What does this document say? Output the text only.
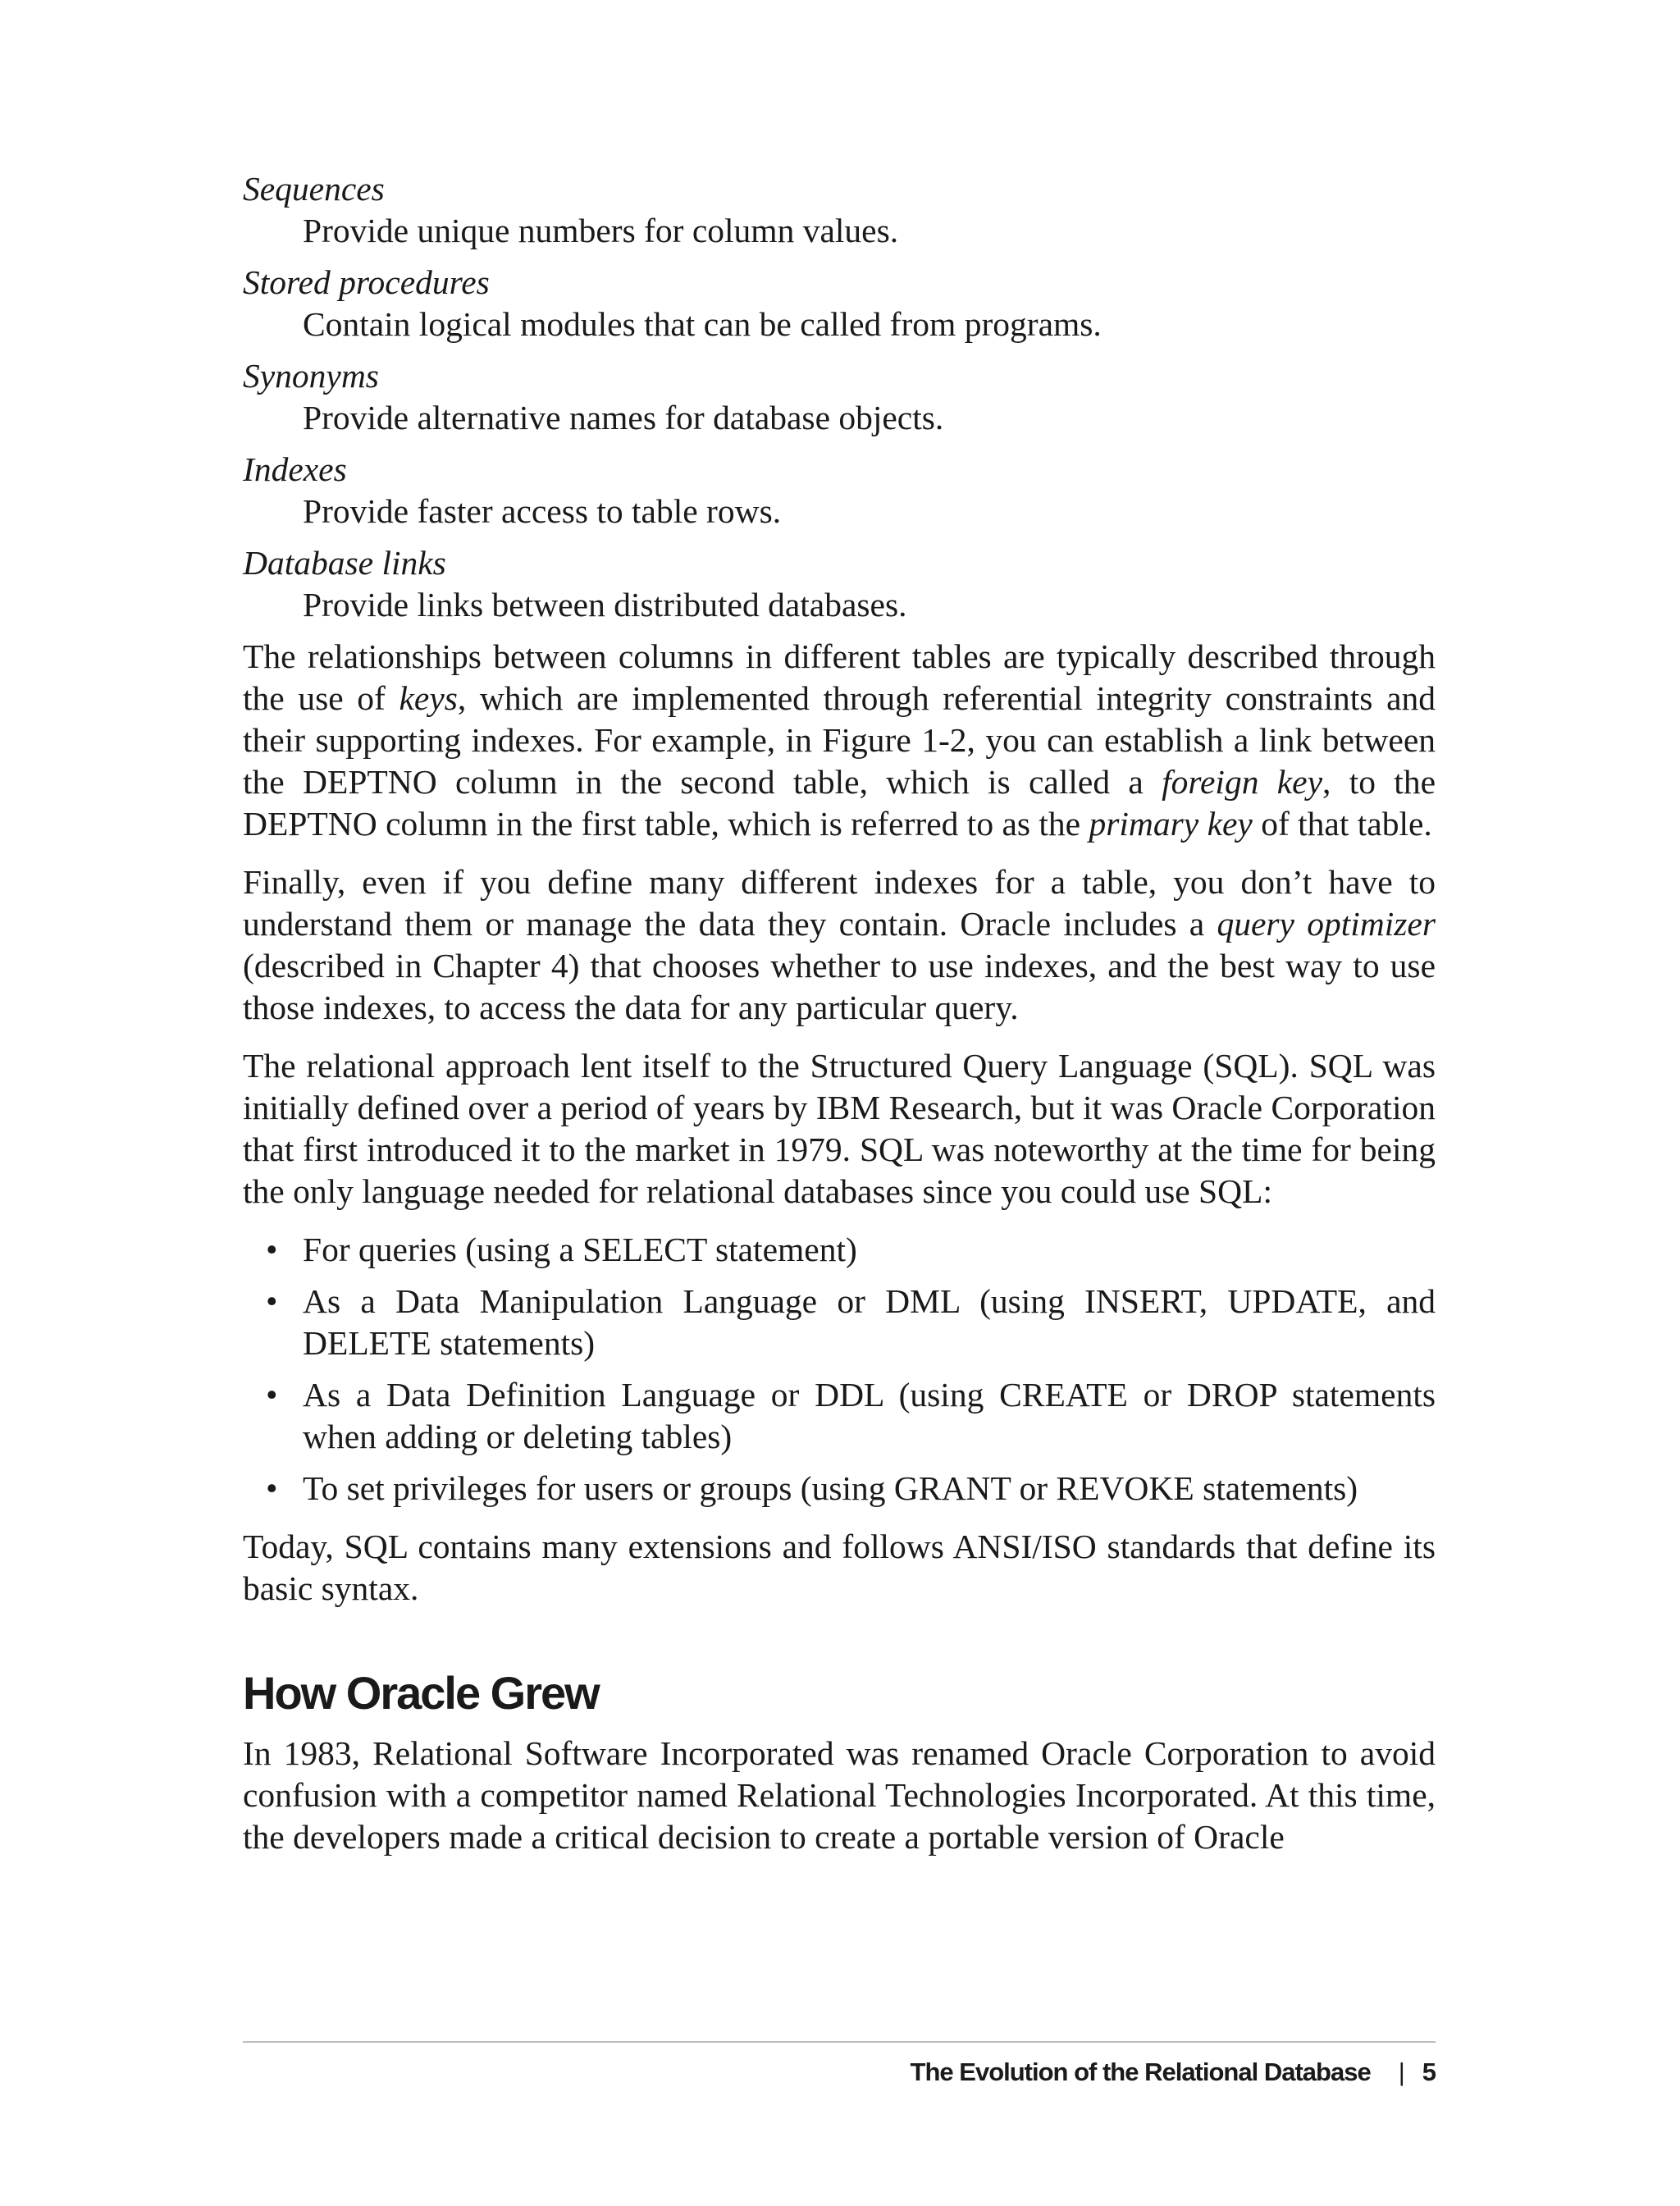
Sequences

Provide unique numbers for column values.

Stored procedures

Contain logical modules that can be called from programs.

Synonyms

Provide alternative names for database objects.

Indexes

Provide faster access to table rows.

Database links

Provide links between distributed databases.

The relationships between columns in different tables are typically described through the use of keys, which are implemented through referential integrity constraints and their supporting indexes. For example, in Figure 1-2, you can establish a link between the DEPTNO column in the second table, which is called a foreign key, to the DEPTNO column in the first table, which is referred to as the primary key of that table.

Finally, even if you define many different indexes for a table, you don’t have to understand them or manage the data they contain. Oracle includes a query optimizer (described in Chapter 4) that chooses whether to use indexes, and the best way to use those indexes, to access the data for any particular query.

The relational approach lent itself to the Structured Query Language (SQL). SQL was initially defined over a period of years by IBM Research, but it was Oracle Corporation that first introduced it to the market in 1979. SQL was noteworthy at the time for being the only language needed for relational databases since you could use SQL:

• For queries (using a SELECT statement)
• As a Data Manipulation Language or DML (using INSERT, UPDATE, and DELETE statements)
• As a Data Definition Language or DDL (using CREATE or DROP statements when adding or deleting tables)
• To set privileges for users or groups (using GRANT or REVOKE statements)

Today, SQL contains many extensions and follows ANSI/ISO standards that define its basic syntax.

How Oracle Grew

In 1983, Relational Software Incorporated was renamed Oracle Corporation to avoid confusion with a competitor named Relational Technologies Incorporated. At this time, the developers made a critical decision to create a portable version of Oracle

The Evolution of the Relational Database | 5
